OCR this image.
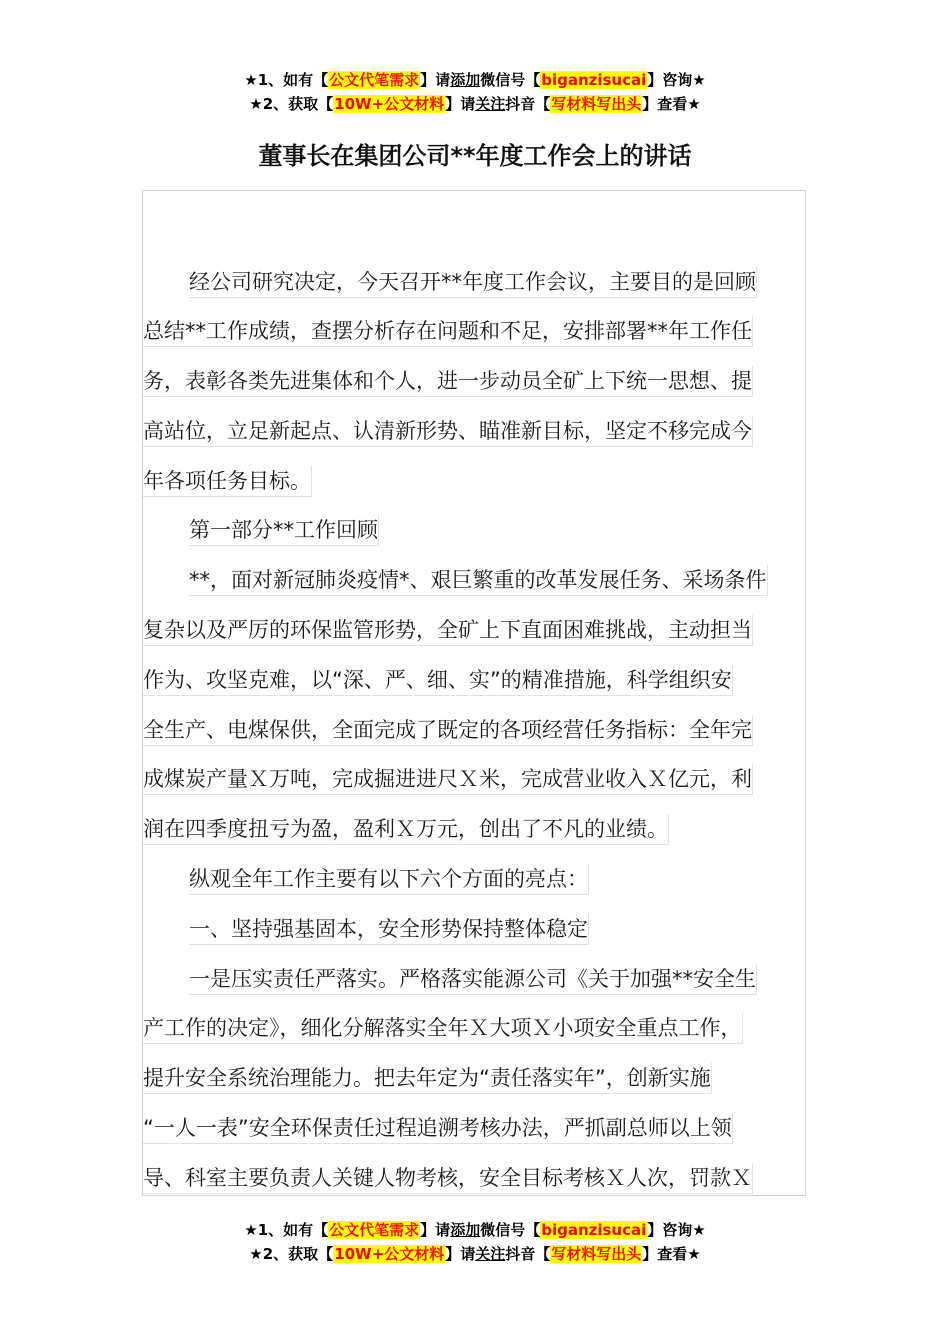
★1、如有【公文代笔需求】请添加微信号【biganzisucai】咨询★
★2、获取【10W+公文材料】请关注抖音【写材料写出头】查看★
董事长在集团公司**年度工作会上的讲话
经公司研究决定，今天召开**年度工作会议，主要目的是回顾
总结**工作成绩，查摆分析存在问题和不足，安排部署**年工作任
务，表彰各类先进集体和个人，进一步动员全矿上下统一思想、提
高站位，立足新起点、认清新形势、瞄准新目标，坚定不移完成今
年各项任务目标。
第一部分**工作回顾
**，面对新冠肺炎疫情*、艰巨繁重的改革发展任务、采场条件
复杂以及严厉的环保监管形势，全矿上下直面困难挑战，主动担当
作为、攻坚克难，以“深、严、细、实”的精准措施，科学组织安
全生产、电煤保供，全面完成了既定的各项经营任务指标：全年完
成煤炭产量Ｘ万吨，完成掘进进尺Ｘ米，完成营业收入Ｘ亿元，利
润在四季度扭亏为盈，盈利Ｘ万元，创出了不凡的业绩。
纵观全年工作主要有以下六个方面的亮点：
一、坚持强基固本，安全形势保持整体稳定
一是压实责任严落实。严格落实能源公司《关于加强**安全生
产工作的决定》，细化分解落实全年Ｘ大项Ｘ小项安全重点工作，
提升安全系统治理能力。把去年定为“责任落实年”，创新实施
“一人一表”安全环保责任过程追溯考核办法，严抓副总师以上领
导、科室主要负责人关键人物考核，安全目标考核Ｘ人次，罚款Ｘ
★1、如有【公文代笔需求】请添加微信号【biganzisucai】咨询★
★2、获取【10W+公文材料】请关注抖音【写材料写出头】查看★
